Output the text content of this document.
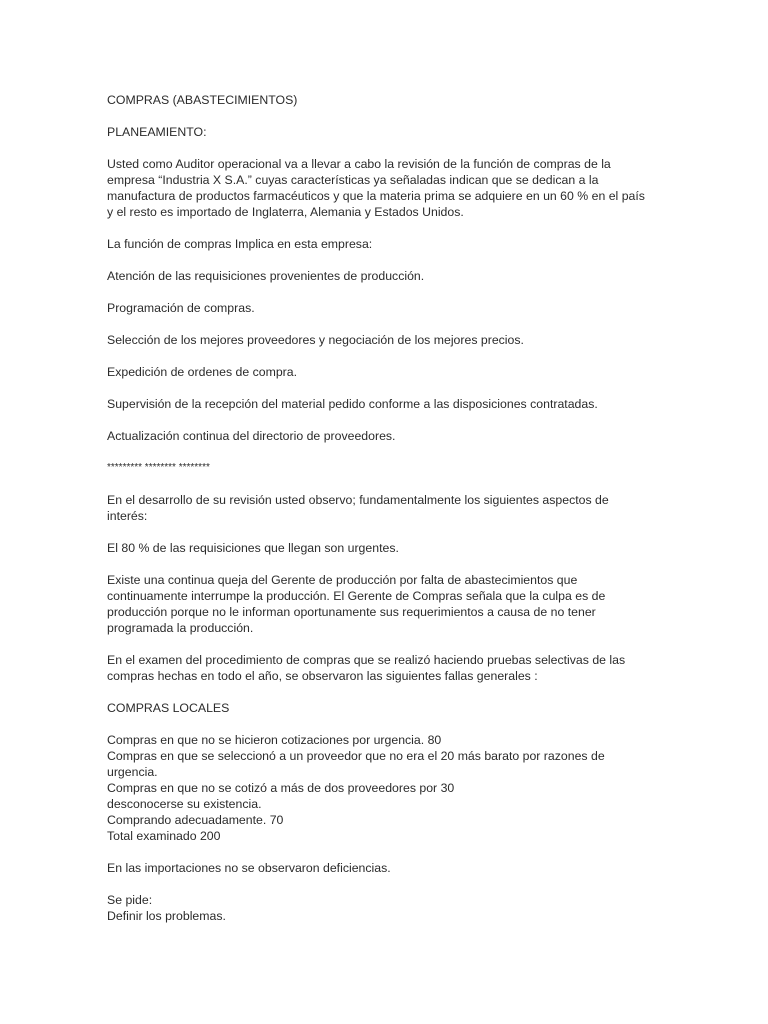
COMPRAS (ABASTECIMIENTOS)

PLANEAMIENTO:

Usted como Auditor operacional va a llevar a cabo la revisión de la función de compras de la
empresa “Industria X S.A.” cuyas características ya señaladas indican que se dedican a la
manufactura de productos farmacéuticos y que la materia prima se adquiere en un 60 % en el país
y el resto es importado de Inglaterra, Alemania y Estados Unidos.

La función de compras Implica en esta empresa:

Atención de las requisiciones provenientes de producción.

Programación de compras.

Selección de los mejores proveedores y negociación de los mejores precios.

Expedición de ordenes de compra.

Supervisión de la recepción del material pedido conforme a las disposiciones contratadas.

Actualización continua del directorio de proveedores.

********* ******** ********

En el desarrollo de su revisión usted observo; fundamentalmente los siguientes aspectos de
interés:

El 80 % de las requisiciones que llegan son urgentes.

Existe una continua queja del Gerente de producción por falta de abastecimientos que
continuamente interrumpe la producción. El Gerente de Compras señala que la culpa es de
producción porque no le informan oportunamente sus requerimientos a causa de no tener
programada la producción.

En el examen del procedimiento de compras que se realizó haciendo pruebas selectivas de las
compras hechas en todo el año, se observaron las siguientes fallas generales :

COMPRAS LOCALES

Compras en que no se hicieron cotizaciones por urgencia. 80
Compras en que se seleccionó a un proveedor que no era el 20 más barato por razones de
urgencia.
Compras en que no se cotizó a más de dos proveedores por 30
desconocerse su existencia.
Comprando adecuadamente. 70
Total examinado 200

En las importaciones no se observaron deficiencias.

Se pide:
Definir los problemas.
